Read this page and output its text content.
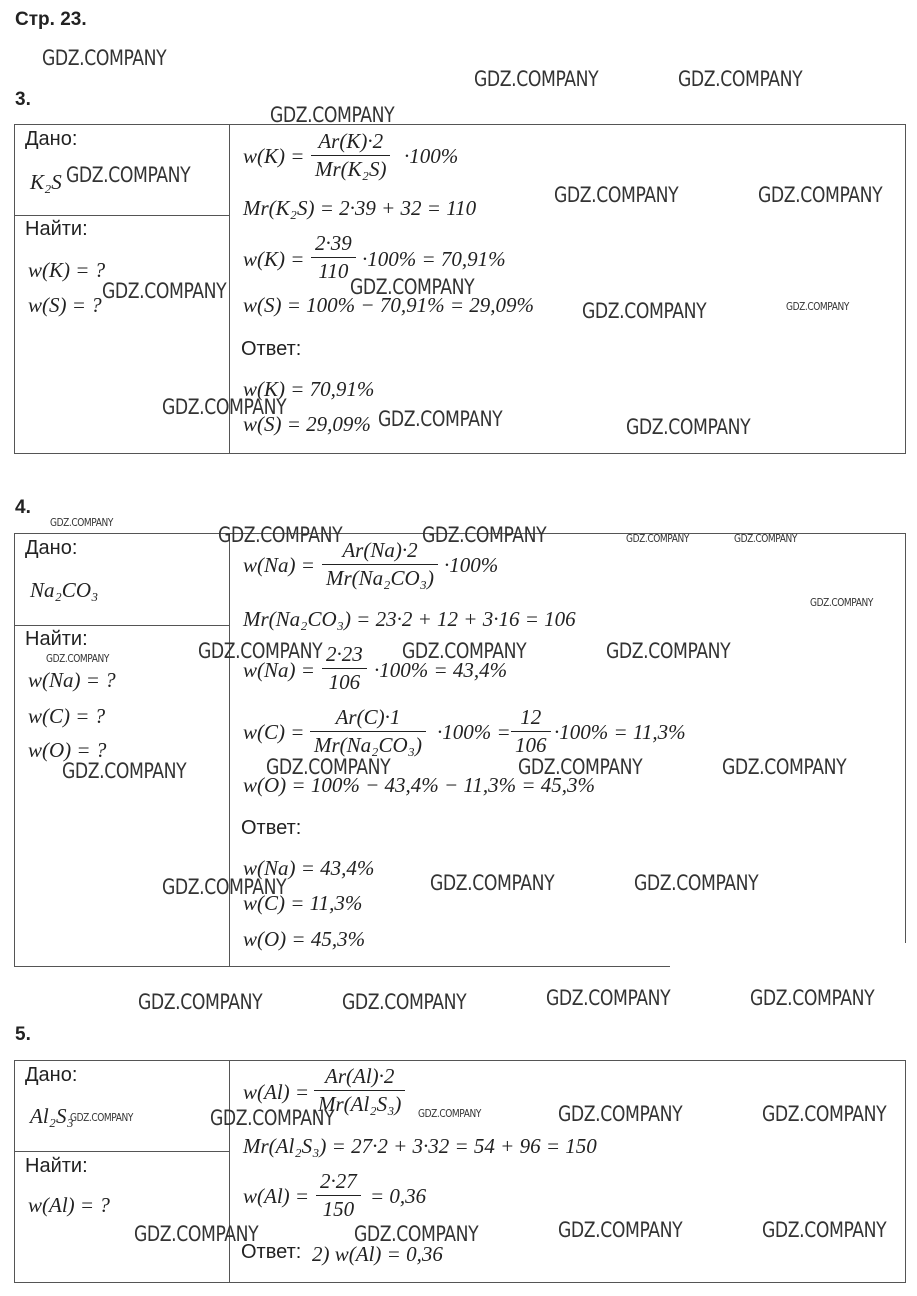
Стр. 23.
3.
Дано:
K₂S
Найти:
w(K) = ?
w(S) = ?
$w(K) = \frac{Ar(K)\cdot 2}{\text{Mr(K₂S)}} \cdot 100\%$
Mr(K₂S) = 2·39 + 32 = 110
$w(K) = \frac{2\cdot 39}{110} \cdot 100\% = 70,91\%$
w(S) = 100% − 70,91% = 29,09%
Ответ:
w(K) = 70,91%
w(S) = 29,09%
4.
Дано:
Na₂CO₃
Найти:
w(Na) = ?
w(C) = ?
w(O) = ?
$w(Na) = \frac{Ar(Na)\cdot 2}{\text{Mr(Na₂CO₃)}} \cdot 100\%$
Mr(Na₂CO₃) = 23·2 + 12 + 3·16 = 106
$w(Na) = \frac{2\cdot 23}{106} \cdot 100\% = 43,4\%$
$w(C) = \frac{Ar(C)\cdot 1}{\text{Mr(Na₂CO₃)}} \cdot 100\% = \frac{12}{106} \cdot 100\% = 11,3\%$
w(O) = 100% − 43,4% − 11,3% = 45,3%
Ответ:
w(Na) = 43,4%
w(C) = 11,3%
w(O) = 45,3%
5.
Дано:
Al₂S₃
Найти:
w(Al) = ?
$w(Al) = \frac{Ar(Al)\cdot 2}{\text{Mr(Al₂S₃)}}$
Mr(Al₂S₃) = 27·2 + 3·32 = 54 + 96 = 150
$w(Al) = \frac{2\cdot 27}{150} = 0,36$
Ответ: 2) w(Al) = 0,36
GDZ.COMPANY
GDZ.COMPANY	GDZ.COMPANY
GDZ.COMPANY
GDZ.COMPANY
GDZ.COMPANY	GDZ.COMPANY
GDZ.COMPANY
GDZ.COMPANY
GDZ.COMPANY	GDZ.COMPANY
GDZ.COMPANY	GDZ.COMPANY	GDZ.COMPANY
GDZ.COMPANY
GDZ.COMPANY	GDZ.COMPANY	GDZ.COMPANY	GDZ.COMPANY
GDZ.COMPANY
GDZ.COMPANY	GDZ.COMPANY	GDZ.COMPANY
GDZ.COMPANY
GDZ.COMPANY	GDZ.COMPANY	GDZ.COMPANY	GDZ.COMPANY
GDZ.COMPANY	GDZ.COMPANY	GDZ.COMPANY
GDZ.COMPANY	GDZ.COMPANY	GDZ.COMPANY	GDZ.COMPANY
GDZ.COMPANY	GDZ.COMPANY	GDZ.COMPANY	GDZ.COMPANY	GDZ.COMPANY
GDZ.COMPANY	GDZ.COMPANY	GDZ.COMPANY	GDZ.COMPANY
